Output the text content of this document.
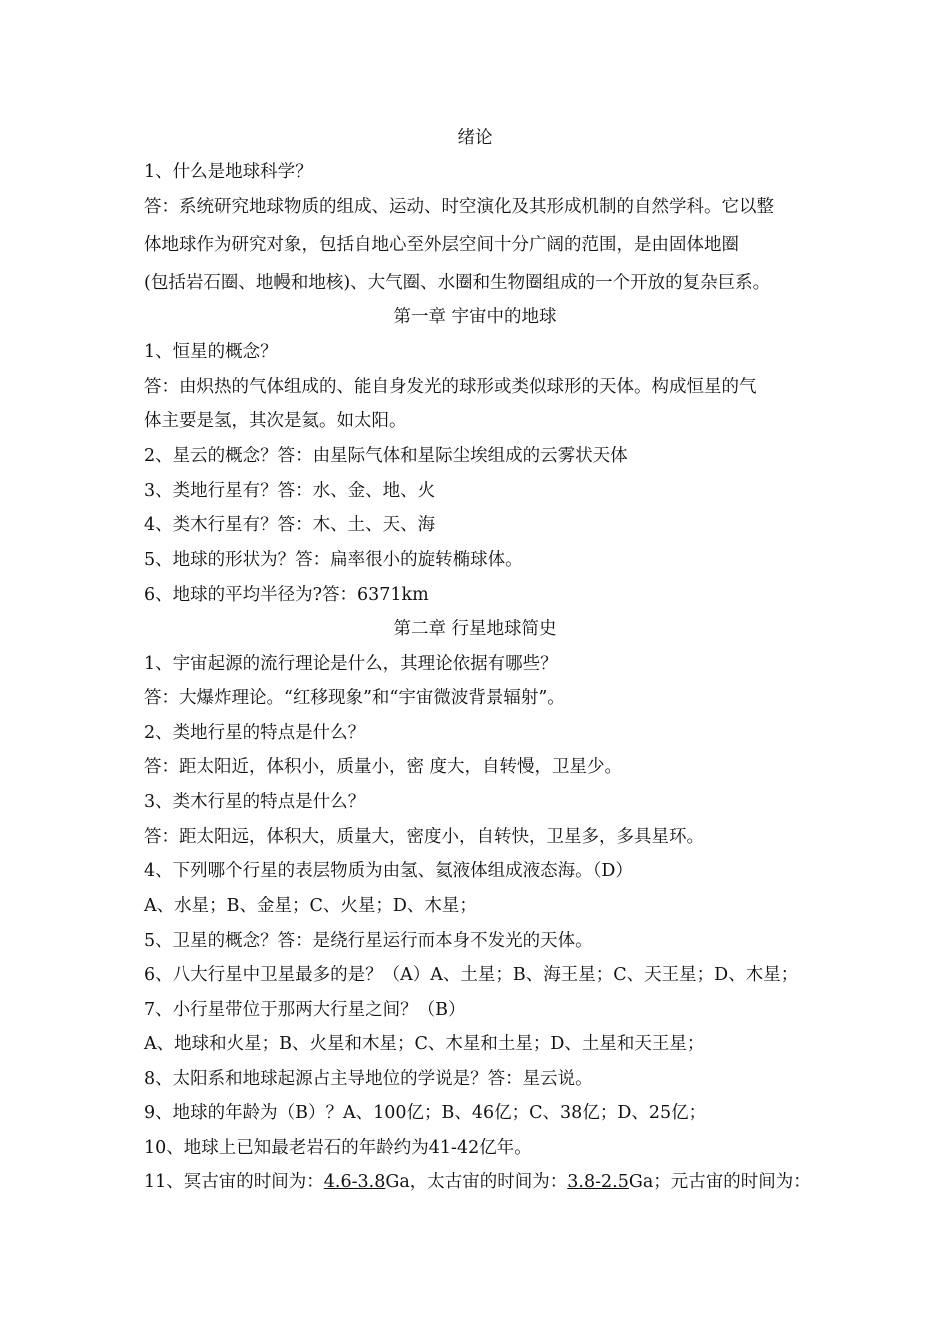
绪论
1、什么是地球科学？
答：系统研究地球物质的组成、运动、时空演化及其形成机制的自然学科。它以整
体地球作为研究对象，包括自地心至外层空间十分广阔的范围，是由固体地圈
(包括岩石圈、地幔和地核)、大气圈、水圈和生物圈组成的一个开放的复杂巨系。
第一章 宇宙中的地球
1、恒星的概念？
答：由炽热的气体组成的、能自身发光的球形或类似球形的天体。构成恒星的气
体主要是氢，其次是氦。如太阳。
2、星云的概念？答：由星际气体和星际尘埃组成的云雾状天体
3、类地行星有？答：水、金、地、火
4、类木行星有？答：木、土、天、海
5、地球的形状为？答：扁率很小的旋转椭球体。
6、地球的平均半径为?答：6371km
第二章 行星地球简史
1、宇宙起源的流行理论是什么，其理论依据有哪些？
答：大爆炸理论。“红移现象”和“宇宙微波背景辐射”。
2、类地行星的特点是什么？
答：距太阳近，体积小，质量小，密 度大，自转慢，卫星少。
3、类木行星的特点是什么？
答：距太阳远，体积大，质量大，密度小，自转快，卫星多，多具星环。
4、下列哪个行星的表层物质为由氢、氦液体组成液态海。（D）
A、水星；B、金星；C、火星；D、木星；
5、卫星的概念？答：是绕行星运行而本身不发光的天体。
6、八大行星中卫星最多的是？（A）A、土星；B、海王星；C、天王星；D、木星；
7、小行星带位于那两大行星之间？（B）
A、地球和火星；B、火星和木星；C、木星和土星；D、土星和天王星；
8、太阳系和地球起源占主导地位的学说是？答：星云说。
9、地球的年龄为（B）？A、100亿；B、46亿；C、38亿；D、25亿；
10、地球上已知最老岩石的年龄约为41-42亿年。
11、冥古宙的时间为：4.6-3.8Ga，太古宙的时间为：3.8-2.5Ga；元古宙的时间为：
